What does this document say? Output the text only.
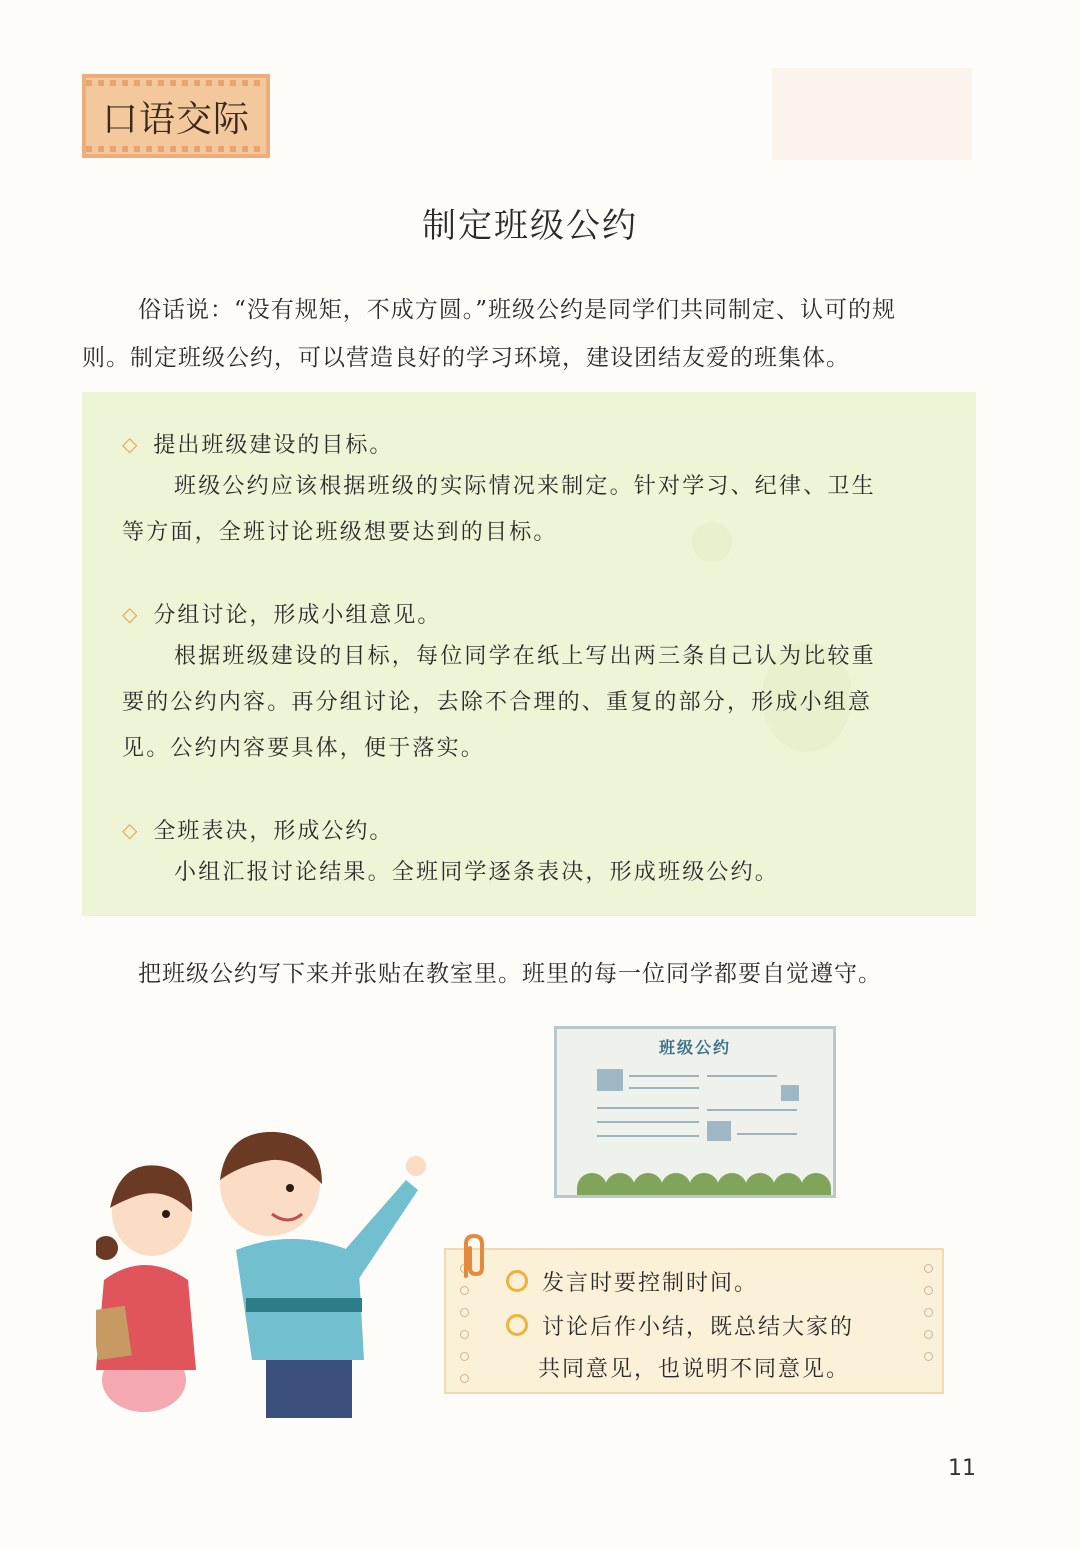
口语交际
制定班级公约
俗话说：“没有规矩，不成方圆。”班级公约是同学们共同制定、认可的规
则。制定班级公约，可以营造良好的学习环境，建设团结友爱的班集体。
◇ 提出班级建设的目标。
班级公约应该根据班级的实际情况来制定。针对学习、纪律、卫生
等方面，全班讨论班级想要达到的目标。
◇ 分组讨论，形成小组意见。
根据班级建设的目标，每位同学在纸上写出两三条自己认为比较重
要的公约内容。再分组讨论，去除不合理的、重复的部分，形成小组意
见。公约内容要具体，便于落实。
◇ 全班表决，形成公约。
小组汇报讨论结果。全班同学逐条表决，形成班级公约。
把班级公约写下来并张贴在教室里。班里的每一位同学都要自觉遵守。
班级公约
发言时要控制时间。
讨论后作小结，既总结大家的
共同意见，也说明不同意见。
11
